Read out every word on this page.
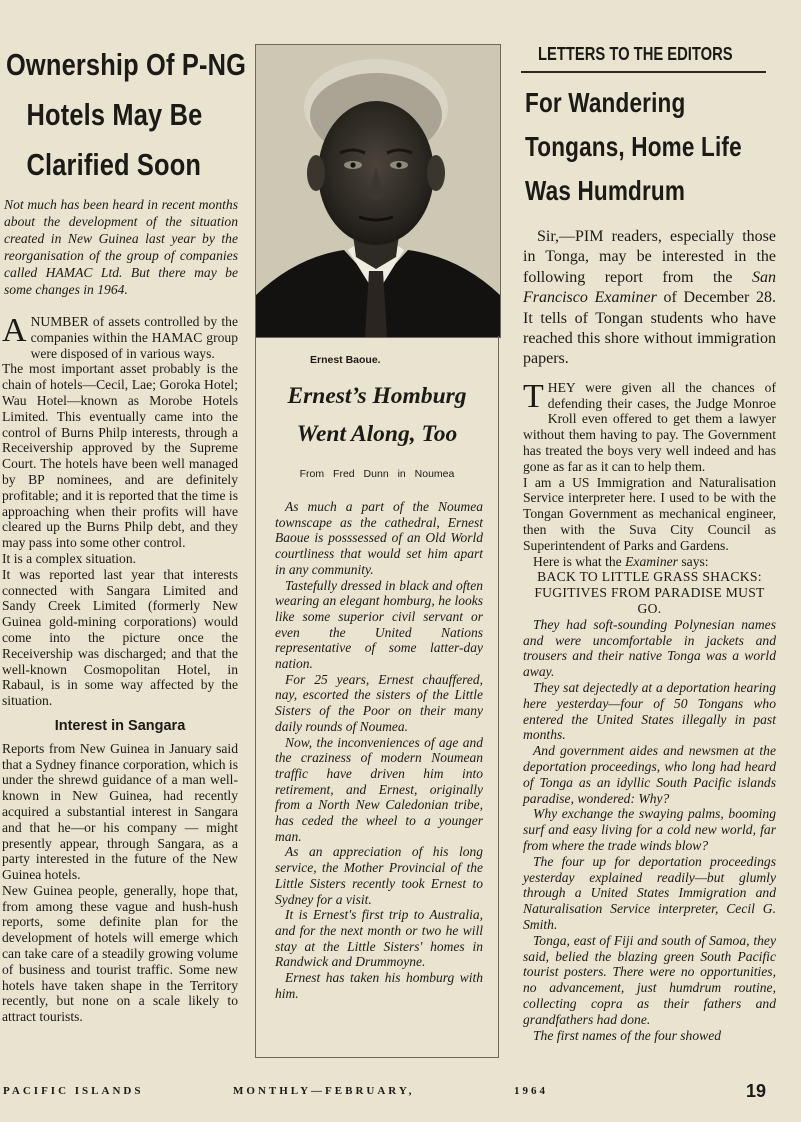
Ownership Of P-NG
Hotels May Be
Clarified Soon

Not much has been heard in recent months about the development of the situation created in New Guinea last year by the reorganisation of the group of companies called HAMAC Ltd. But there may be some changes in 1964.

ANUMBER of assets controlled by the companies within the HAMAC group were disposed of in various ways.

The most important asset probably is the chain of hotels—Cecil, Lae; Goroka Hotel; Wau Hotel—known as Morobe Hotels Limited. This eventually came into the control of Burns Philp interests, through a Receivership approved by the Supreme Court. The hotels have been well managed by BP nominees, and are definitely profitable; and it is reported that the time is approaching when their profits will have cleared up the Burns Philp debt, and they may pass into some other control.

It is a complex situation.

It was reported last year that interests connected with Sangara Limited and Sandy Creek Limited (formerly New Guinea gold-mining corporations) would come into the picture once the Receivership was discharged; and that the well-known Cosmopolitan Hotel, in Rabaul, is in some way affected by the situation.

Interest in Sangara

Reports from New Guinea in January said that a Sydney finance corporation, which is under the shrewd guidance of a man well-known in New Guinea, had recently acquired a substantial interest in Sangara and that he—or his company — might presently appear, through Sangara, as a party interested in the future of the New Guinea hotels.

New Guinea people, generally, hope that, from among these vague and hush-hush reports, some definite plan for the development of hotels will emerge which can take care of a steadily growing volume of business and tourist traffic. Some new hotels have taken shape in the Territory recently, but none on a scale likely to attract tourists.

Ernest Baoue.
Ernest’s Homburg
Went Along, Too
From Fred Dunn in Noumea

As much a part of the Noumea townscape as the cathedral, Ernest Baoue is posssessed of an Old World courtliness that would set him apart in any community.

Tastefully dressed in black and often wearing an elegant homburg, he looks like some superior civil servant or even the United Nations representative of some latter-day nation.

For 25 years, Ernest chauffered, nay, escorted the sisters of the Little Sisters of the Poor on their many daily rounds of Noumea.

Now, the inconveniences of age and the craziness of modern Noumean traffic have driven him into retirement, and Ernest, originally from a North New Caledonian tribe, has ceded the wheel to a younger man.

As an appreciation of his long service, the Mother Provincial of the Little Sisters recently took Ernest to Sydney for a visit.

It is Ernest's first trip to Australia, and for the next month or two he will stay at the Little Sisters' homes in Randwick and Drummoyne.

Ernest has taken his homburg with him.

LETTERS TO THE EDITORS
For Wandering
Tongans, Home Life
Was Humdrum

Sir,—PIM readers, especially those in Tonga, may be interested in the following report from the San Francisco Examiner of December 28. It tells of Tongan students who have reached this shore without immigration papers.

THEY were given all the chances of defending their cases, the Judge Monroe Kroll even offered to get them a lawyer without them having to pay. The Government has treated the boys very well indeed and has gone as far as it can to help them.

I am a US Immigration and Naturalisation Service interpreter here. I used to be with the Tongan Government as mechanical engineer, then with the Suva City Council as Superintendent of Parks and Gardens.

Here is what the Examiner says:

BACK TO LITTLE GRASS SHACKS: FUGITIVES FROM PARADISE MUST GO.

They had soft-sounding Polynesian names and were uncomfortable in jackets and trousers and their native Tonga was a world away.

They sat dejectedly at a deportation hearing here yesterday—four of 50 Tongans who entered the United States illegally in past months.

And government aides and newsmen at the deportation proceedings, who long had heard of Tonga as an idyllic South Pacific islands paradise, wondered: Why?

Why exchange the swaying palms, booming surf and easy living for a cold new world, far from where the trade winds blow?

The four up for deportation proceedings yesterday explained readily—but glumly through a United States Immigration and Naturalisation Service interpreter, Cecil G. Smith.

Tonga, east of Fiji and south of Samoa, they said, belied the blazing green South Pacific tourist posters. There were no opportunities, no advancement, just humdrum routine, collecting copra as their fathers and grandfathers had done.

The first names of the four showed

PACIFIC ISLANDS	MONTHLY—FEBRUARY,	1964	19
